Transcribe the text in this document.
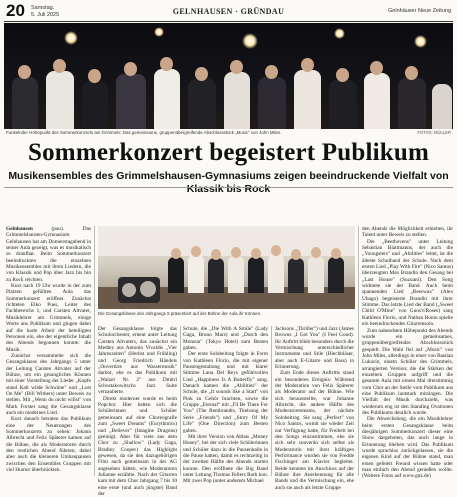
20 Samstag,
5. Juli 2025	GELNHAUSEN · GRÜNDAU	Gelnhäuser Neue Zeitung
Funkelnder Höhepunkt des Sommerkonzerts am Grimmels: Das gemeinsame, gruppenübergreifende Abschlussstück „Music" von John Miles.	FOTOS: MÜLLER
Sommerkonzert begeistert Publikum
Musikensembles des Grimmelshausen-Gymnasiums zeigen beeindruckende Vielfalt von Klassik bis Rock

Gelnhausen (pau). Das Grimmelshausen-Gymnasium Gelnhausen hat am Donnerstagabend in seiner Aula gezeigt, was es musikalisch so draufhat. Beim Sommerkonzert beeindruckten die einzelnen Musikensembles mit ihren Liedern, die von Klassik und Pop über Jazz bis hin zu Rock reichten.

Kurz nach 19 Uhr wurde in der zum Platzen gefüllten Aula das Sommerkonzert eröffnet. Zunächst richteten Elko Pues, Leiter des Fachbereichs 1, und Carsten Altvater, Musiklehrer am Grimmels, einige Worte ans Publikum und gingen dabei auf die harte Arbeit der beteiligten Personen ein, ehe der eigentliche Inhalt des Abends begonnen konnte: die Musik.

Zunächst versammelte sich die Gesangsklasse des Jahrgangs 5 unter der Leitung Carsten Altvater auf der Bühne, um ein gesangliches Können mit einer Vorstellung der Lieder „Kopfe stand Kalt wilde Schwäne" und „Lost On Me" (Bill Withers) unter Beweis zu stellen. Mit „Wenn du nicht willst" von Mark Forster sang die Gesangsklasse auch ein modernes Lied.

Kurz danach betraten das Publikum eine der Neuerungen des Sommerkonzerts zu sehen: Johann Albrecht und Felix Späterer kamen auf die Bühne, die als Moderatoren durch den restlichen Abend führten, dabei aber auch die kleineren Umbaupausen zwischen den Ensembles Gruppen mit viel Humor überbrückten.

Die Gesangsklasse des Jahrgangs 5 präsentiert auf der Bühne der Aula ihr Können.

Der Gesangsklasse folgte das Schulorchester, erneut unter Leitung Carsten Altvaters, das zunächst ein Medley aus Antonio Vivaldis „Vier Jahreszeiten" (Herbst und Frühling) und Georg Friedrich Händels „Ouvertüre aus Wassermusik" darbot, ehe es das Publikum mit „Walzer Nr. 2" aus Dmitri Schostakowitschs Jazz Suite verzauberte.

Direkt moderner wurde es beim Popchor. Hier hatten sich die Schülerinnen und Schüler gemeinsam auf eine Choreografie zum „Sweet Dreams" (Eurythmics) und „Believer" (Imagine Dragons) geeinigt. Aber für viele aus dem Chor zu „Shallow" (Lady Gaga, Bradley Cooper) das Highlight gewesen, da sie den dazugehörigen Film auch gemeinsam in der AG angesehen hätten, wie Moderatoren Julianne erzählte. Nach der Gitarren kam mit dem Chor Jahrgang 7 bis 10 eine erste (und auch jüngste) Band der

Schule, die „Die With A Smile" (Lady Gaga, Bruno Mars) und „Durch den Monsun" (Tokyo Hotel) zum Besten gaben.

Der erste Solobeitrag folgte in Form von Kathleen Florio, die mit eigener Pausengestaltung und mit klarer Stimme Lana Del Reys gefühlvollen Lied „Happiness Is A Butterfly" sang. Danach kamen die „Abilities" der Schule, die „It sounds like a Start" von Pink zu Gehör brachten, sowie die Gruppe „Eternal“ mit „I'll Be There For You" (The Rembrandts, Titelsong der Serie „Friends") und „Story Of My Life" (One Direction) zum Besten gaben.

Mit ihrer Version von Abbas „Money Honey", bei der sich viele Schülerinnen und Schüler dazu in die Pausenhalle in die Pause hatten, damit es rechtzeitig in der zweiten Hälfte des Abends starten konnte. Den eröffnete die Big Band unter Leitung Thomas Fellers Roth kon. Mit zwei Pop (unter anderem Michael

Jacksons „Thriller") und Jazz (James Browns „I Got You" (I Feel Good). Ihr Auftritt blieb besonders durch die Vermischung unterschiedlicher Instrumente und Stile (Blechbläser, aber auch E-Gitarre und Bass) in Erinnerung.

Zum Ende dieses Auftritts stand ein besonderes Ereignis: Während der Moderation von Felix Späterer als Moderator auf der Bühne. Wie sich herausstellte, war Johanne Albrecht, die andere Hälfte des Moderatorenteams, der nächste Solobeitrag. Sie sang „Perfect" von Nico Santos, womit sie wieder Zeit zur Verfügung hatte, für Freiheit bei den Songs einzustimmen, ehe sie sich sehr souverän sich selbst als Moderatorin mit ihrer kräftigen Performance wurden sie von Fredde Fischinger am Klavier begleitet. Beide kennten im Anschluss auf der Bühne ihre Anerkennung für alle Bands und die Vermischung ein, ehe auch sie auch als letzte Gruppe

den Abends die Möglichkeit erhielten, ihr Talent unter Beweis zu stellen.

Die „Beethovens" unter Leitung Sebastian Blattmanns, der auch die „Youngsters" und „Abilities" leitet, ist die älteste Schulband der Schule. Nach dem ersten Lied „Play With Fire" (Nico Santos) überzeugten Max Brandin den Gesang bei „Last House" (Suzuani). Den Song widmete sie der Band. Auch beim spannenden Lied „Beeswax" (Alex Ubago) begeisterte Brandin mit ihrer Stimme. Das letzte Lied der Band („Sweet Child O'Mine" von Guns'n'Roses) sang Kathleen Florio, und Nathan Bonin spielte ein beeindruckendes Gitarrensolo.

Zum nahendsten Höhepunkt des Abends wurde ein gemeinsames, gruppenübergreifendes Abschlussstück gespielt. Die Wahl fiel auf „Music" von John Miles, allerdings in einer von Bastian Lukacin, einem Schüler des Grimmels, arrangierten Version; die die Stärken der einzelnen Gruppen aufgriff und die gesamte Aula mit einem Mal dreistimmig vom Chor an der Stelle vom Publikum aus eine Publikum lautstark mitsingen. Die Vielfalt der Musik durchzieht, was wiederum eng ist den Standing Ovationen des Publikums deutlich wurde.

Die Abwechslung, die ein Musiklehrer beim ersten Gesangsklasse beim diesjährigen Sommerkonzert dieser eine Show dargeboten, das auch lange in Erinnerung bleiben wird. Das Publikum wurde sprachlos zurückgelassen, sie die eigenen Kind auf der Bühne stand, man einen gefeiert Freund wissen hatte oder man einfach den Abend genießen wollte. (Weitere Fotos auf www.gnz.de)
